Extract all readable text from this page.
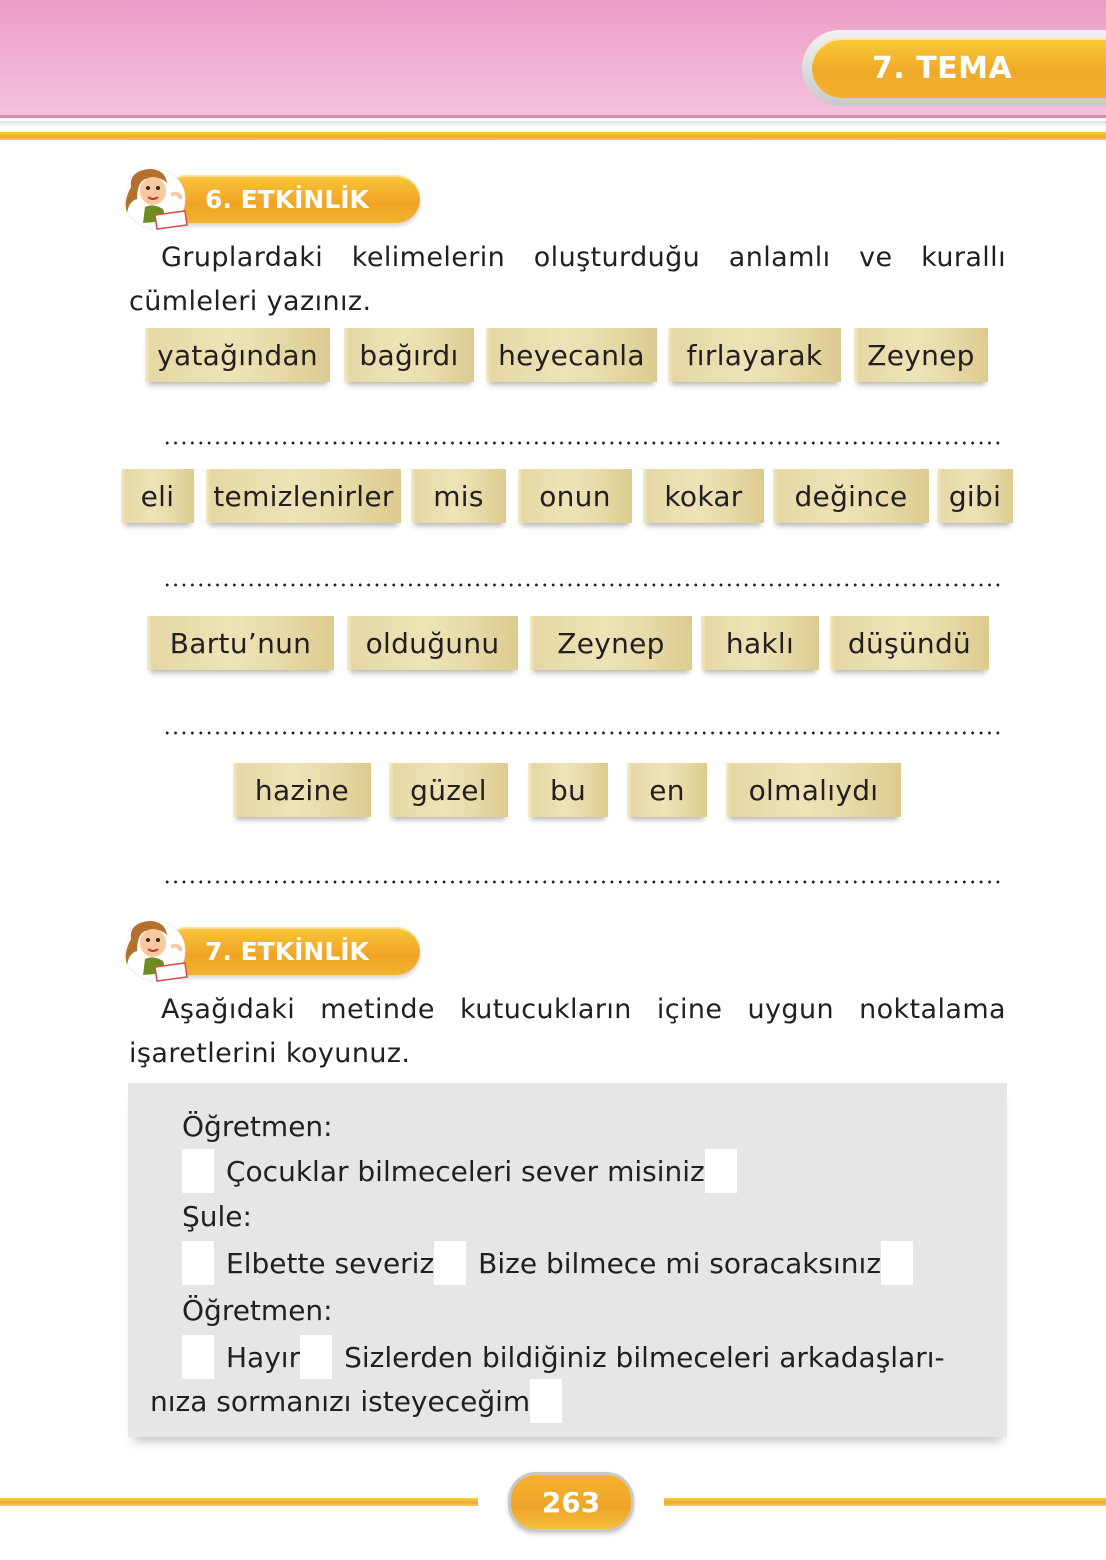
7. TEMA
6. ETKİNLİK

Gruplardaki kelimelerin oluşturduğu anlamlı ve kurallı cümleleri yazınız.

yatağından	bağırdı	heyecanla	fırlayarak	Zeynep
eli	temizlenirler	mis	onun	kokar	değince	gibi
Bartu’nun	olduğunu	Zeynep	haklı	düşündü
hazine	güzel	bu	en	olmalıydı
7. ETKİNLİK

Aşağıdaki metinde kutucukların içine uygun noktalama işaretlerini koyunuz.

Öğretmen:
Çocuklar bilmeceleri sever misiniz
Şule:
Elbette severiz Bize bilmece mi soracaksınız
Öğretmen:
Hayır Sizlerden bildiğiniz bilmeceleri arkadaşları-
nıza sormanızı isteyeceğim
263
